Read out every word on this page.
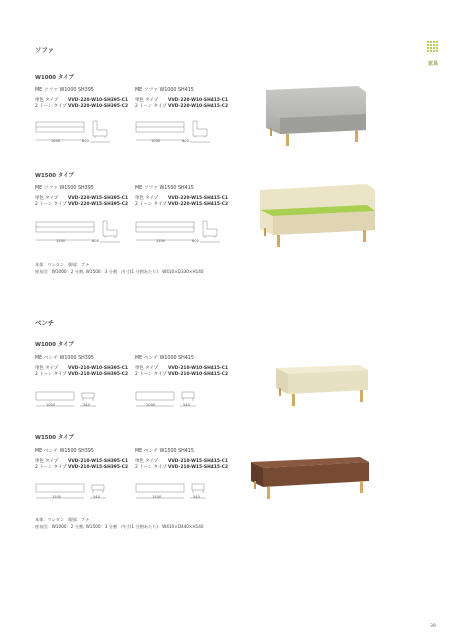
ソファ
家具
W1000 タイプ
ME ソファ W1000 SH395
単色 タイプ VVD-220-W10-SH395-C1
2 トーン タイプVVD-220-W10-SH395-C2
ME ソファ W1000 SH415
単色 タイプ VVD-220-W10-SH415-C1
2 トーン タイプVVD-220-W10-SH415-C2
1000	800	1000	600
W1500 タイプ
ME ソファ W1500 SH395
単色 タイプ VVD-220-W15-SH395-C1
2 トーン タイプVVD-220-W15-SH395-C2
ME ソファ W1500 SH415
単色 タイプ VVD-220-W15-SH415-C1
2 トーン タイプVVD-220-W15-SH415-C2
1500	800	1500	600
本体：ウレタン　脚部：ブナ
座布団　W1000：2 分割, W1500：3 分割　内寸(1 分割あたり)：W410×D330×H140
ベンチ
W1000 タイプ
ME ベンチ W1000 SH395
単色 タイプ VVD-210-W10-SH395-C1
2 トーン タイプVVD-210-W10-SH395-C2
ME ベンチ W1000 SH415
単色 タイプ VVD-210-W10-SH415-C1
2 トーン タイプVVD-210-W10-SH415-C2
1000	540	1000	540
W1500 タイプ
ME ベンチ W1500 SH395
単色 タイプ VVD-210-W15-SH395-C1
2 トーン タイプVVD-210-W15-SH395-C2
ME ベンチ W1500 SH415
単色 タイプ VVD-210-W15-SH415-C1
2 トーン タイプVVD-210-W15-SH415-C2
1500	540	1500	540
本体：ウレタン　脚部：ブナ
座布団　W1000：2 分割, W1500：3 分割　内寸(1 分割あたり)：W410×D440×H140
39
